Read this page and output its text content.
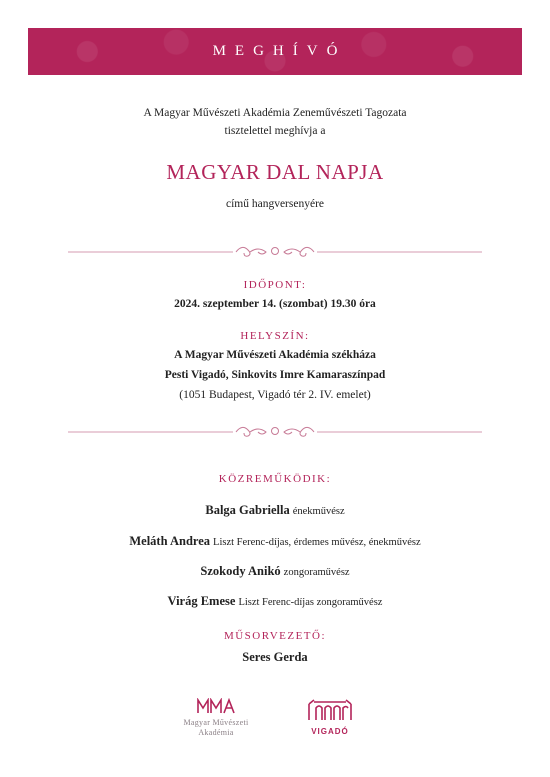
MEGHÍVÓ
A Magyar Művészeti Akadémia Zeneművészeti Tagozata
tisztelettel meghívja a
MAGYAR DAL NAPJA
című hangversenyére
IDŐPONT:
2024. szeptember 14. (szombat) 19.30 óra
HELYSZÍN:
A Magyar Művészeti Akadémia székháza
Pesti Vigadó, Sinkovits Imre Kamaraszínpad
(1051 Budapest, Vigadó tér 2. IV. emelet)
KÖZREMŰKÖDIK:
Balga Gabriella énekművész
Meláth Andrea Liszt Ferenc-díjas, érdemes művész, énekművész
Szokody Anikó zongoraművész
Virág Emese Liszt Ferenc-díjas zongoraművész
MŰSORVEZETŐ:
Seres Gerda
Magyar Művészeti
Akadémia	VIGADÓ
